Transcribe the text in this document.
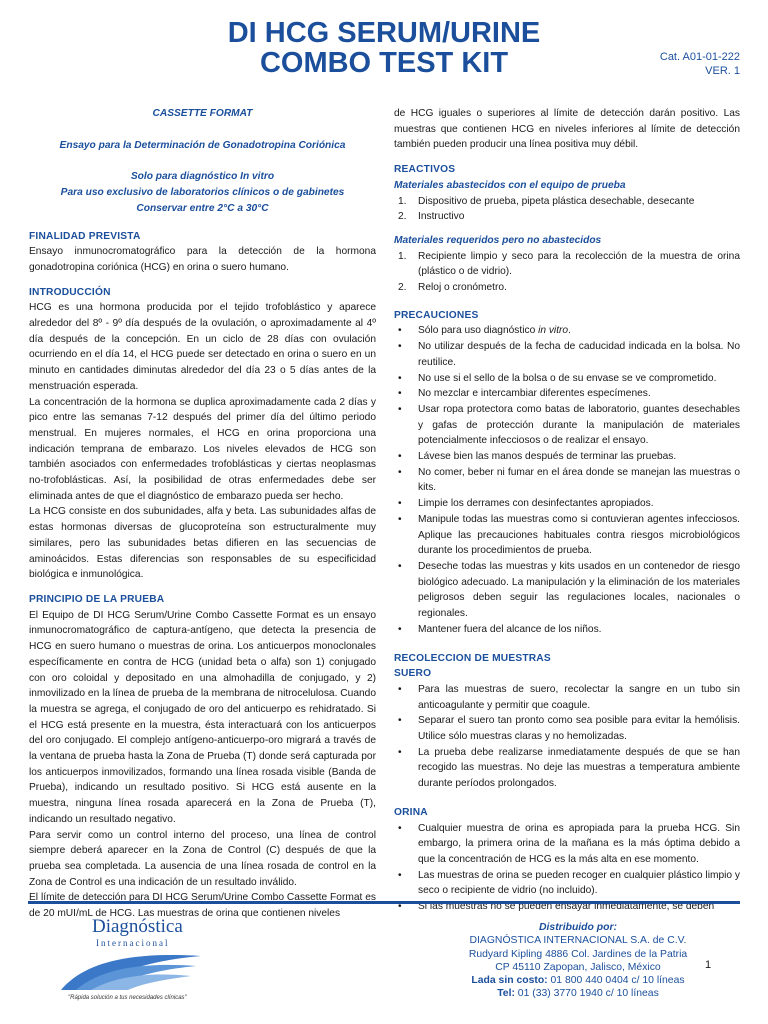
DI HCG SERUM/URINE
COMBO TEST KIT	Cat. A01-01-222
VER. 1
CASSETTE FORMAT
Ensayo para la Determinación de Gonadotropina Coriónica
Solo para diagnóstico In vitro
Para uso exclusivo de laboratorios clínicos o de gabinetes
Conservar entre 2°C a 30°C
FINALIDAD PREVISTA

Ensayo inmunocromatográfico para la detección de la hormona gonadotropina coriónica (HCG) en orina o suero humano.

INTRODUCCIÓN

HCG es una hormona producida por el tejido trofoblástico y aparece alrededor del 8º - 9º día después de la ovulación, o aproximadamente al 4º día después de la concepción. En un ciclo de 28 días con ovulación ocurriendo en el día 14, el HCG puede ser detectado en orina o suero en un minuto en cantidades diminutas alrededor del día 23 o 5 días antes de la menstruación esperada.

La concentración de la hormona se duplica aproximadamente cada 2 días y pico entre las semanas 7-12 después del primer día del último periodo menstrual. En mujeres normales, el HCG en orina proporciona una indicación temprana de embarazo. Los niveles elevados de HCG son también asociados con enfermedades trofoblásticas y ciertas neoplasmas no-trofoblásticas. Así, la posibilidad de otras enfermedades debe ser eliminada antes de que el diagnóstico de embarazo pueda ser hecho.

La HCG consiste en dos subunidades, alfa y beta. Las subunidades alfas de estas hormonas diversas de glucoproteína son estructuralmente muy similares, pero las subunidades betas difieren en las secuencias de aminoácidos. Estas diferencias son responsables de su especificidad biológica e inmunológica.

PRINCIPIO DE LA PRUEBA

El Equipo de DI HCG Serum/Urine Combo Cassette Format es un ensayo inmunocromatográfico de captura-antígeno, que detecta la presencia de HCG en suero humano o muestras de orina. Los anticuerpos monoclonales específicamente en contra de HCG (unidad beta o alfa) son 1) conjugado con oro coloidal y depositado en una almohadilla de conjugado, y 2) inmovilizado en la línea de prueba de la membrana de nitrocelulosa. Cuando la muestra se agrega, el conjugado de oro del anticuerpo es rehidratado. Si el HCG está presente en la muestra, ésta interactuará con los anticuerpos del oro conjugado. El complejo antígeno-anticuerpo-oro migrará a través de la ventana de prueba hasta la Zona de Prueba (T) donde será capturada por los anticuerpos inmovilizados, formando una línea rosada visible (Banda de Prueba), indicando un resultado positivo. Si HCG está ausente en la muestra, ninguna línea rosada aparecerá en la Zona de Prueba (T), indicando un resultado negativo.

Para servir como un control interno del proceso, una línea de control siempre deberá aparecer en la Zona de Control (C) después de que la prueba sea completada. La ausencia de una línea rosada de control en la Zona de Control es una indicación de un resultado inválido.

El límite de detección para DI HCG Serum/Urine Combo Cassette Format es de 20 mUI/mL de HCG. Las muestras de orina que contienen niveles

de HCG iguales o superiores al límite de detección darán positivo. Las muestras que contienen HCG en niveles inferiores al límite de detección también pueden producir una línea positiva muy débil.

REACTIVOS
Materiales abastecidos con el equipo de prueba
1. Dispositivo de prueba, pipeta plástica desechable, desecante
2. Instructivo
Materiales requeridos pero no abastecidos
1. Recipiente limpio y seco para la recolección de la muestra de orina (plástico o de vidrio).
2. Reloj o cronómetro.
PRECAUCIONES
• Sólo para uso diagnóstico in vitro.
• No utilizar después de la fecha de caducidad indicada en la bolsa. No reutilice.
• No use si el sello de la bolsa o de su envase se ve comprometido.
• No mezclar e intercambiar diferentes especímenes.
• Usar ropa protectora como batas de laboratorio, guantes desechables y gafas de protección durante la manipulación de materiales potencialmente infecciosos o de realizar el ensayo.
• Lávese bien las manos después de terminar las pruebas.
• No comer, beber ni fumar en el área donde se manejan las muestras o kits.
• Limpie los derrames con desinfectantes apropiados.
• Manipule todas las muestras como si contuvieran agentes infecciosos. Aplique las precauciones habituales contra riesgos microbiológicos durante los procedimientos de prueba.
• Deseche todas las muestras y kits usados en un contenedor de riesgo biológico adecuado. La manipulación y la eliminación de los materiales peligrosos deben seguir las regulaciones locales, nacionales o regionales.
• Mantener fuera del alcance de los niños.
RECOLECCION DE MUESTRAS
SUERO
• Para las muestras de suero, recolectar la sangre en un tubo sin anticoagulante y permitir que coagule.
• Separar el suero tan pronto como sea posible para evitar la hemólisis. Utilice sólo muestras claras y no hemolizadas.
• La prueba debe realizarse inmediatamente después de que se han recogido las muestras. No deje las muestras a temperatura ambiente durante períodos prolongados.
ORINA
• Cualquier muestra de orina es apropiada para la prueba HCG. Sin embargo, la primera orina de la mañana es la más óptima debido a que la concentración de HCG es la más alta en ese momento.
• Las muestras de orina se pueden recoger en cualquier plástico limpio y seco o recipiente de vidrio (no incluido).
• Si las muestras no se pueden ensayar inmediatamente, se deben
Diagnóstica
Internacional
"Rápida solución a tus necesidades clínicas"
Distribuido por:
DIAGNÓSTICA INTERNACIONAL S.A. de C.V.
Rudyard Kipling 4886 Col. Jardines de la Patria
CP 45110 Zapopan, Jalisco, México
Lada sin costo: 01 800 440 0404 c/ 10 líneas
Tel: 01 (33) 3770 1940 c/ 10 líneas
1
